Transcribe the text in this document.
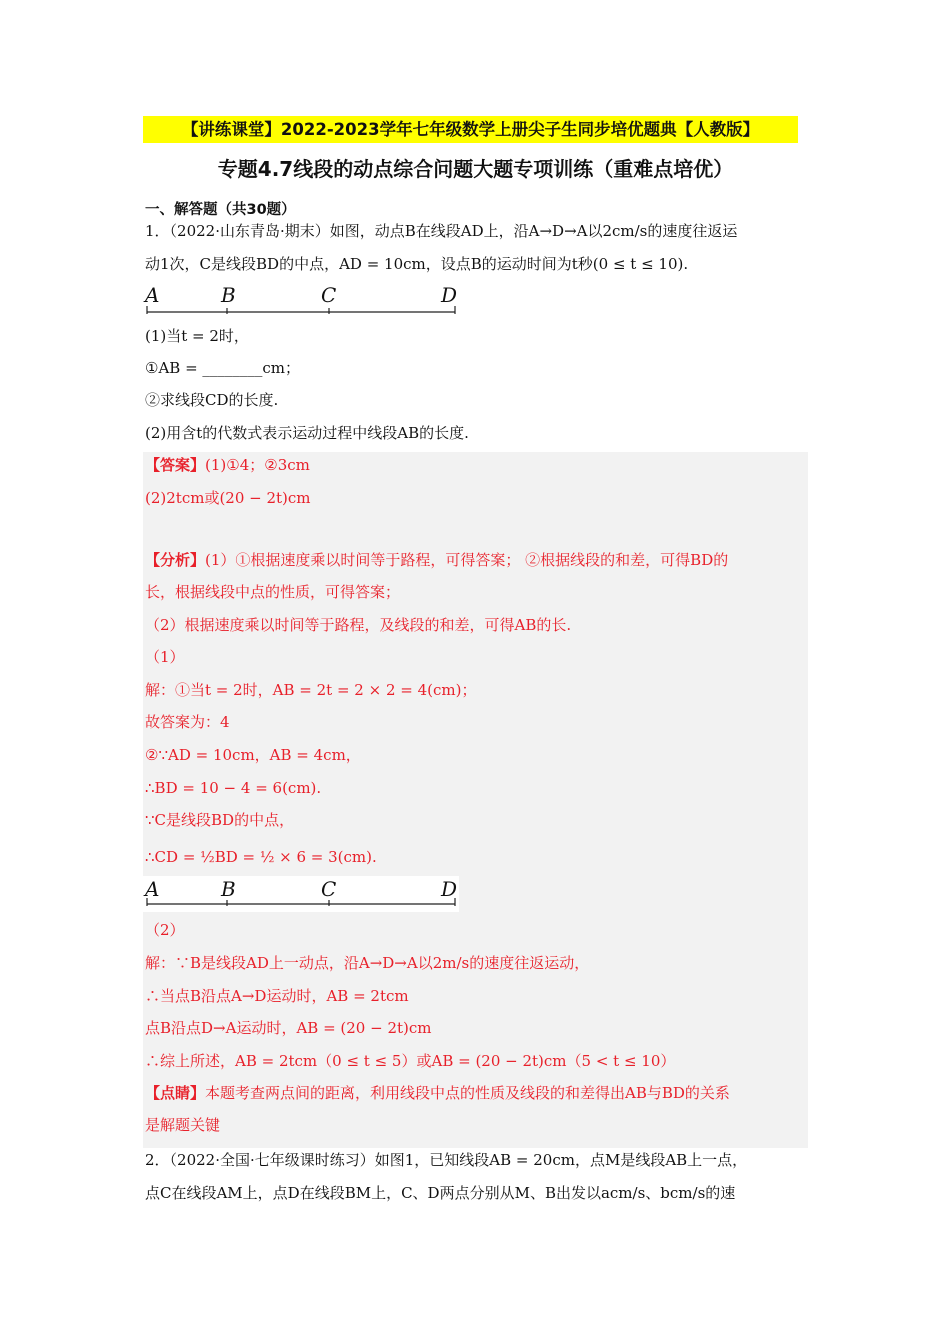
【讲练课堂】2022-2023学年七年级数学上册尖子生同步培优题典【人教版】
专题4.7线段的动点综合问题大题专项训练（重难点培优）
一、解答题（共30题）
1．（2022·山东青岛·期末）如图，动点B在线段AD上，沿A→D→A以2cm/s的速度往返运
动1次，C是线段BD的中点，AD = 10cm，设点B的运动时间为t秒(0 ≤ t ≤ 10).
A	B	C	D
(1)当t = 2时，
①AB = ________cm；
②求线段CD的长度.
(2)用含t的代数式表示运动过程中线段AB的长度.
【答案】(1)①4；②3cm
(2)2tcm或(20 − 2t)cm
【分析】(1）①根据速度乘以时间等于路程，可得答案； ②根据线段的和差，可得BD的
长，根据线段中点的性质，可得答案；
（2）根据速度乘以时间等于路程，及线段的和差，可得AB的长.
（1）
解：①当t = 2时，AB = 2t = 2 × 2 = 4(cm)；
故答案为：4
②∵AD = 10cm，AB = 4cm，
∴BD = 10 − 4 = 6(cm).
∵C是线段BD的中点，
∴CD = ½BD = ½ × 6 = 3(cm).
A	B	C	D
（2）
解：∵B是线段AD上一动点，沿A→D→A以2m/s的速度往返运动，
∴当点B沿点A→D运动时，AB = 2tcm
点B沿点D→A运动时，AB = (20 − 2t)cm
∴综上所述，AB = 2tcm（0 ≤ t ≤ 5）或AB = (20 − 2t)cm（5 < t ≤ 10）
【点睛】本题考查两点间的距离，利用线段中点的性质及线段的和差得出AB与BD的关系
是解题关键
2．（2022·全国·七年级课时练习）如图1，已知线段AB = 20cm，点M是线段AB上一点，
点C在线段AM上，点D在线段BM上，C、D两点分别从M、B出发以acm/s、bcm/s的速
